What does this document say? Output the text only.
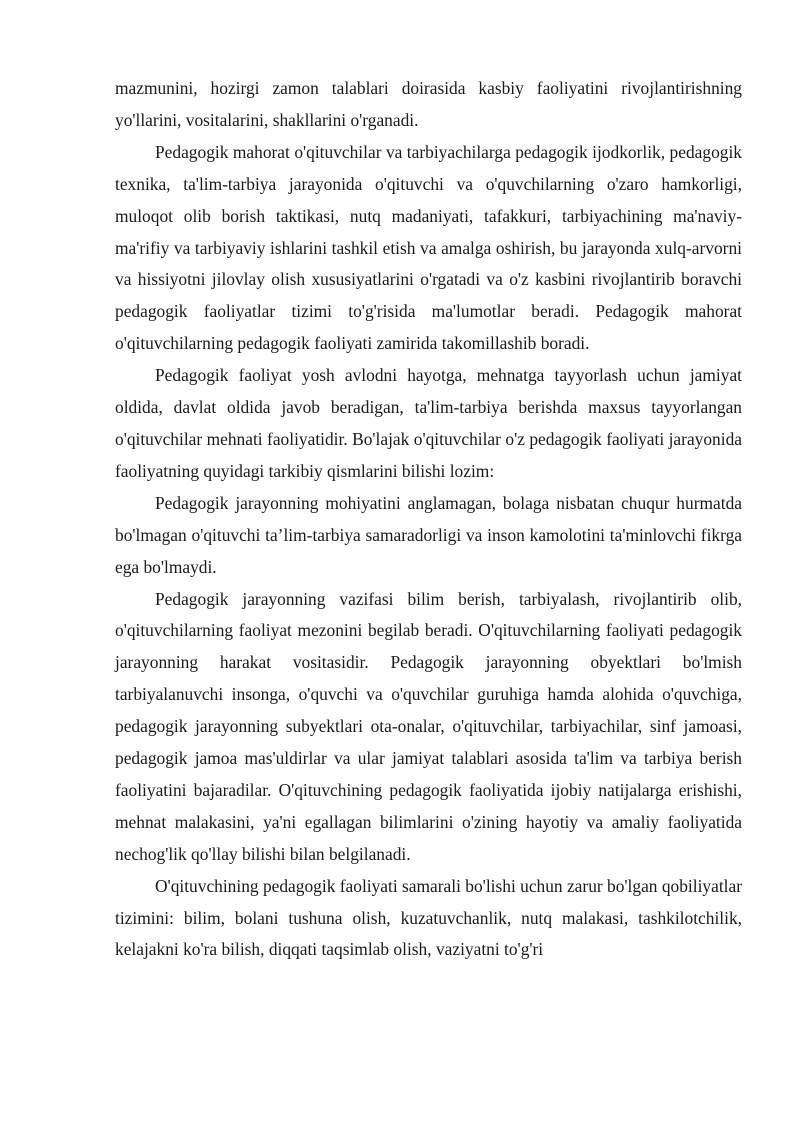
mazmunini, hozirgi zamon talablari doirasida kasbiy faoliyatini rivojlantirishning yo'llarini, vositalarini, shakllarini o'rganadi.

Pedagogik mahorat o'qituvchilar va tarbiyachilarga pedagogik ijodkorlik, pedagogik texnika, ta'lim-tarbiya jarayonida o'qituvchi va o'quvchilarning o'zaro hamkorligi, muloqot olib borish taktikasi, nutq madaniyati, tafakkuri, tarbiyachining ma'naviy-ma'rifiy va tarbiyaviy ishlarini tashkil etish va amalga oshirish, bu jarayonda xulq-arvorni va hissiyotni jilovlay olish xususiyatlarini o'rgatadi va o'z kasbini rivojlantirib boravchi pedagogik faoliyatlar tizimi to'g'risida ma'lumotlar beradi. Pedagogik mahorat o'qituvchilarning pedagogik faoliyati zamirida takomillashib boradi.

Pedagogik faoliyat yosh avlodni hayotga, mehnatga tayyorlash uchun jamiyat oldida, davlat oldida javob beradigan, ta'lim-tarbiya berishda maxsus tayyorlangan o'qituvchilar mehnati faoliyatidir. Bo'lajak o'qituvchilar o'z pedagogik faoliyati jarayonida faoliyatning quyidagi tarkibiy qismlarini bilishi lozim:

Pedagogik jarayonning mohiyatini anglamagan, bolaga nisbatan chuqur hurmatda bo'lmagan o'qituvchi ta’lim-tarbiya samaradorligi va inson kamolotini ta'minlovchi fikrga ega bo'lmaydi.

Pedagogik jarayonning vazifasi bilim berish, tarbiyalash, rivojlantirib olib, o'qituvchilarning faoliyat mezonini begilab beradi. O'qituvchilarning faoliyati pedagogik jarayonning harakat vositasidir. Pedagogik jarayonning obyektlari bo'lmish tarbiyalanuvchi insonga, o'quvchi va o'quvchilar guruhiga hamda alohida o'quvchiga, pedagogik jarayonning subyektlari ota-onalar, o'qituvchilar, tarbiyachilar, sinf jamoasi, pedagogik jamoa mas'uldirlar va ular jamiyat talablari asosida ta'lim va tarbiya berish faoliyatini bajaradilar. O'qituvchining pedagogik faoliyatida ijobiy natijalarga erishishi, mehnat malakasini, ya'ni egallagan bilimlarini o'zining hayotiy va amaliy faoliyatida nechog'lik qo'llay bilishi bilan belgilanadi.

O'qituvchining pedagogik faoliyati samarali bo'lishi uchun zarur bo'lgan qobiliyatlar tizimini: bilim, bolani tushuna olish, kuzatuvchanlik, nutq malakasi, tashkilotchilik, kelajakni ko'ra bilish, diqqati taqsimlab olish, vaziyatni to'g'ri
